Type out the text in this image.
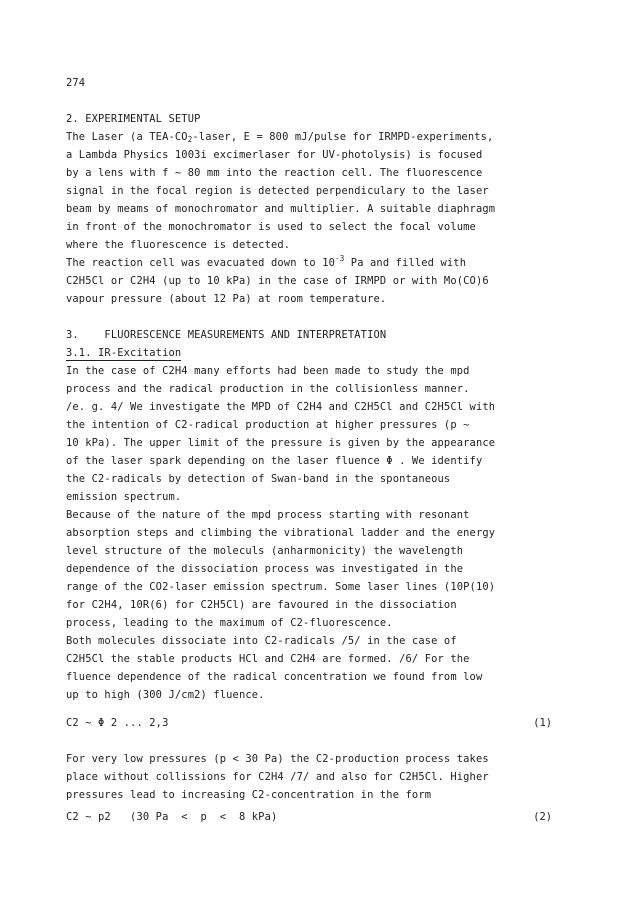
274
2. EXPERIMENTAL SETUP
The Laser (a TEA-$CO_2$-laser, E = 800 mJ/pulse for IRMPD-experiments,
a Lambda Physics 1003i excimerlaser for UV-photolysis) is focused
by a lens with f ∼ 80 mm into the reaction cell. The fluorescence
signal in the focal region is detected perpendiculary to the laser
beam by meams of monochromator and multiplier. A suitable diaphragm
in front of the monochromator is used to select the focal volume
where the fluorescence is detected.
The reaction cell was evacuated down to $10^{-3}$ Pa and filled with
C2H5Cl or C2H4 (up to 10 kPa) in the case of IRMPD or with Mo(CO)6
vapour pressure (about 12 Pa) at room temperature.
3.    FLUORESCENCE MEASUREMENTS AND INTERPRETATION
3.1. IR-Excitation
In the case of C2H4 many efforts had been made to study the mpd
process and the radical production in the collisionless manner.
/e. g. 4/ We investigate the MPD of C2H4 and C2H5Cl and C2H5Cl with
the intention of C2-radical production at higher pressures (p ∼
10 kPa). The upper limit of the pressure is given by the appearance
of the laser spark depending on the laser fluence Φ . We identify
the C2-radicals by detection of Swan-band in the spontaneous
emission spectrum.
Because of the nature of the mpd process starting with resonant
absorption steps and climbing the vibrational ladder and the energy
level structure of the moleculs (anharmonicity) the wavelength
dependence of the dissociation process was investigated in the
range of the CO2-laser emission spectrum. Some laser lines (10P(10)
for C2H4, 10R(6) for C2H5Cl) are favoured in the dissociation
process, leading to the maximum of C2-fluorescence.
Both molecules dissociate into C2-radicals /5/ in the case of
C2H5Cl the stable products HCl and C2H4 are formed. /6/ For the
fluence dependence of the radical concentration we found from low
up to high (300 J/cm2) fluence.
C2 ∼ Φ 2 ... 2,3	(1)
For very low pressures (p < 30 Pa) the C2-production process takes
place without collissions for C2H4 /7/ and also for C2H5Cl. Higher
pressures lead to increasing C2-concentration in the form
C2 ∼ p2   (30 Pa  <  p  <  8 kPa)	(2)
